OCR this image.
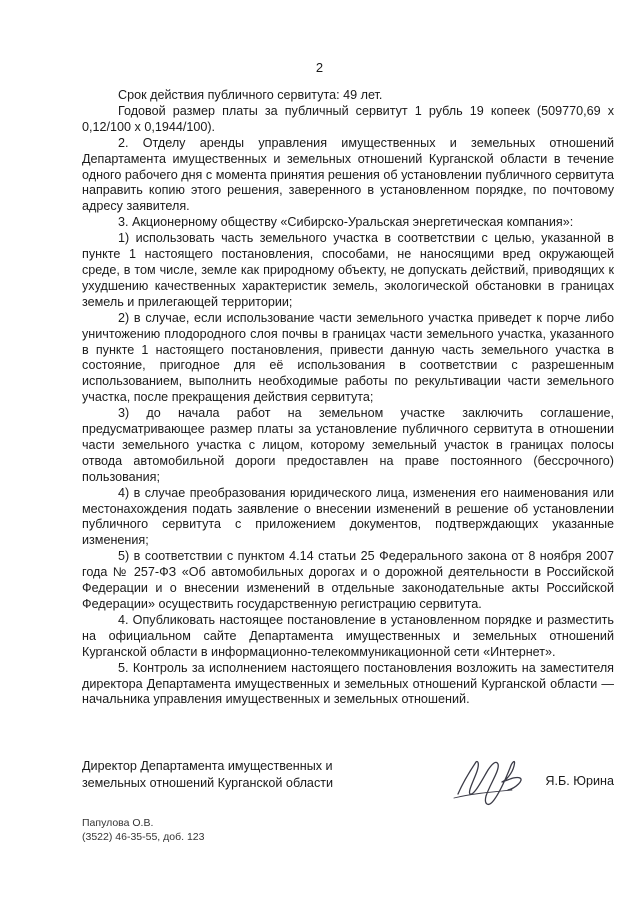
2

Срок действия публичного сервитута: 49 лет.

Годовой размер платы за публичный сервитут 1 рубль 19 копеек (509770,69 х 0,12/100 х 0,1944/100).

2. Отделу аренды управления имущественных и земельных отношений Департамента имущественных и земельных отношений Курганской области в течение одного рабочего дня с момента принятия решения об установлении публичного сервитута направить копию этого решения, заверенного в установленном порядке, по почтовому адресу заявителя.

3. Акционерному обществу «Сибирско-Уральская энергетическая компания»:

1) использовать часть земельного участка в соответствии с целью, указанной в пункте 1 настоящего постановления, способами, не наносящими вред окружающей среде, в том числе, земле как природному объекту, не допускать действий, приводящих к ухудшению качественных характеристик земель, экологической обстановки в границах земель и прилегающей территории;

2) в случае, если использование части земельного участка приведет к порче либо уничтожению плодородного слоя почвы в границах части земельного участка, указанного в пункте 1 настоящего постановления, привести данную часть земельного участка в состояние, пригодное для её использования в соответствии с разрешенным использованием, выполнить необходимые работы по рекультивации части земельного участка, после прекращения действия сервитута;

3) до начала работ на земельном участке заключить соглашение, предусматривающее размер платы за установление публичного сервитута в отношении части земельного участка с лицом, которому земельный участок в границах полосы отвода автомобильной дороги предоставлен на праве постоянного (бессрочного) пользования;

4) в случае преобразования юридического лица, изменения его наименования или местонахождения подать заявление о внесении изменений в решение об установлении публичного сервитута с приложением документов, подтверждающих указанные изменения;

5) в соответствии с пунктом 4.14 статьи 25 Федерального закона от 8 ноября 2007 года № 257-ФЗ «Об автомобильных дорогах и о дорожной деятельности в Российской Федерации и о внесении изменений в отдельные законодательные акты Российской Федерации» осуществить государственную регистрацию сервитута.

4. Опубликовать настоящее постановление в установленном порядке и разместить на официальном сайте Департамента имущественных и земельных отношений Курганской области в информационно-телекоммуникационной сети «Интернет».

5. Контроль за исполнением настоящего постановления возложить на заместителя директора Департамента имущественных и земельных отношений Курганской области — начальника управления имущественных и земельных отношений.

Директор Департамента имущественных и
земельных отношений Курганской области	Я.Б. Юрина
Папулова О.В.
(3522) 46-35-55, доб. 123
